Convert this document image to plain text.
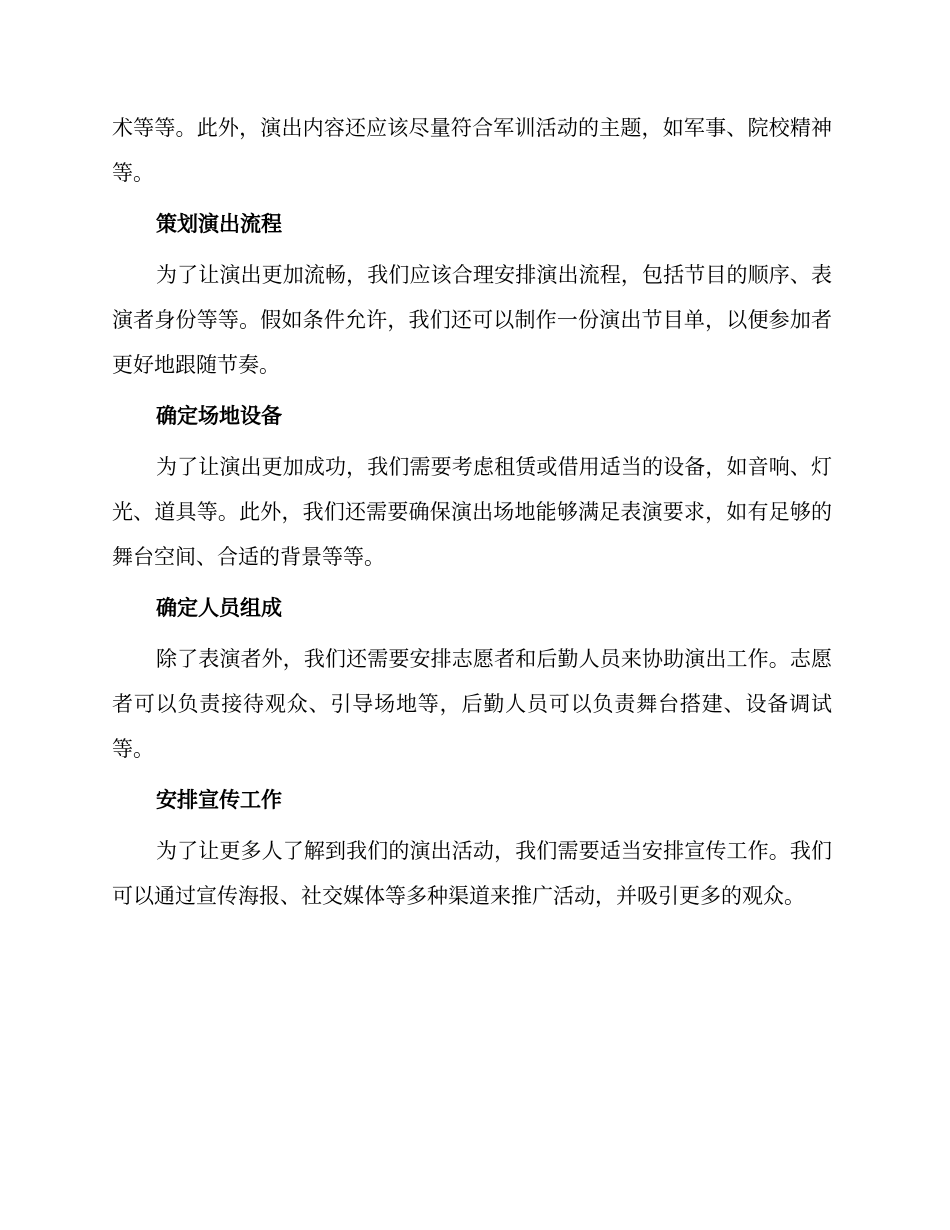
术等等。此外，演出内容还应该尽量符合军训活动的主题，如军事、院校精神等。

策划演出流程

为了让演出更加流畅，我们应该合理安排演出流程，包括节目的顺序、表演者身份等等。假如条件允许，我们还可以制作一份演出节目单，以便参加者更好地跟随节奏。

确定场地设备

为了让演出更加成功，我们需要考虑租赁或借用适当的设备，如音响、灯光、道具等。此外，我们还需要确保演出场地能够满足表演要求，如有足够的舞台空间、合适的背景等等。

确定人员组成

除了表演者外，我们还需要安排志愿者和后勤人员来协助演出工作。志愿者可以负责接待观众、引导场地等，后勤人员可以负责舞台搭建、设备调试等。

安排宣传工作

为了让更多人了解到我们的演出活动，我们需要适当安排宣传工作。我们可以通过宣传海报、社交媒体等多种渠道来推广活动，并吸引更多的观众。
